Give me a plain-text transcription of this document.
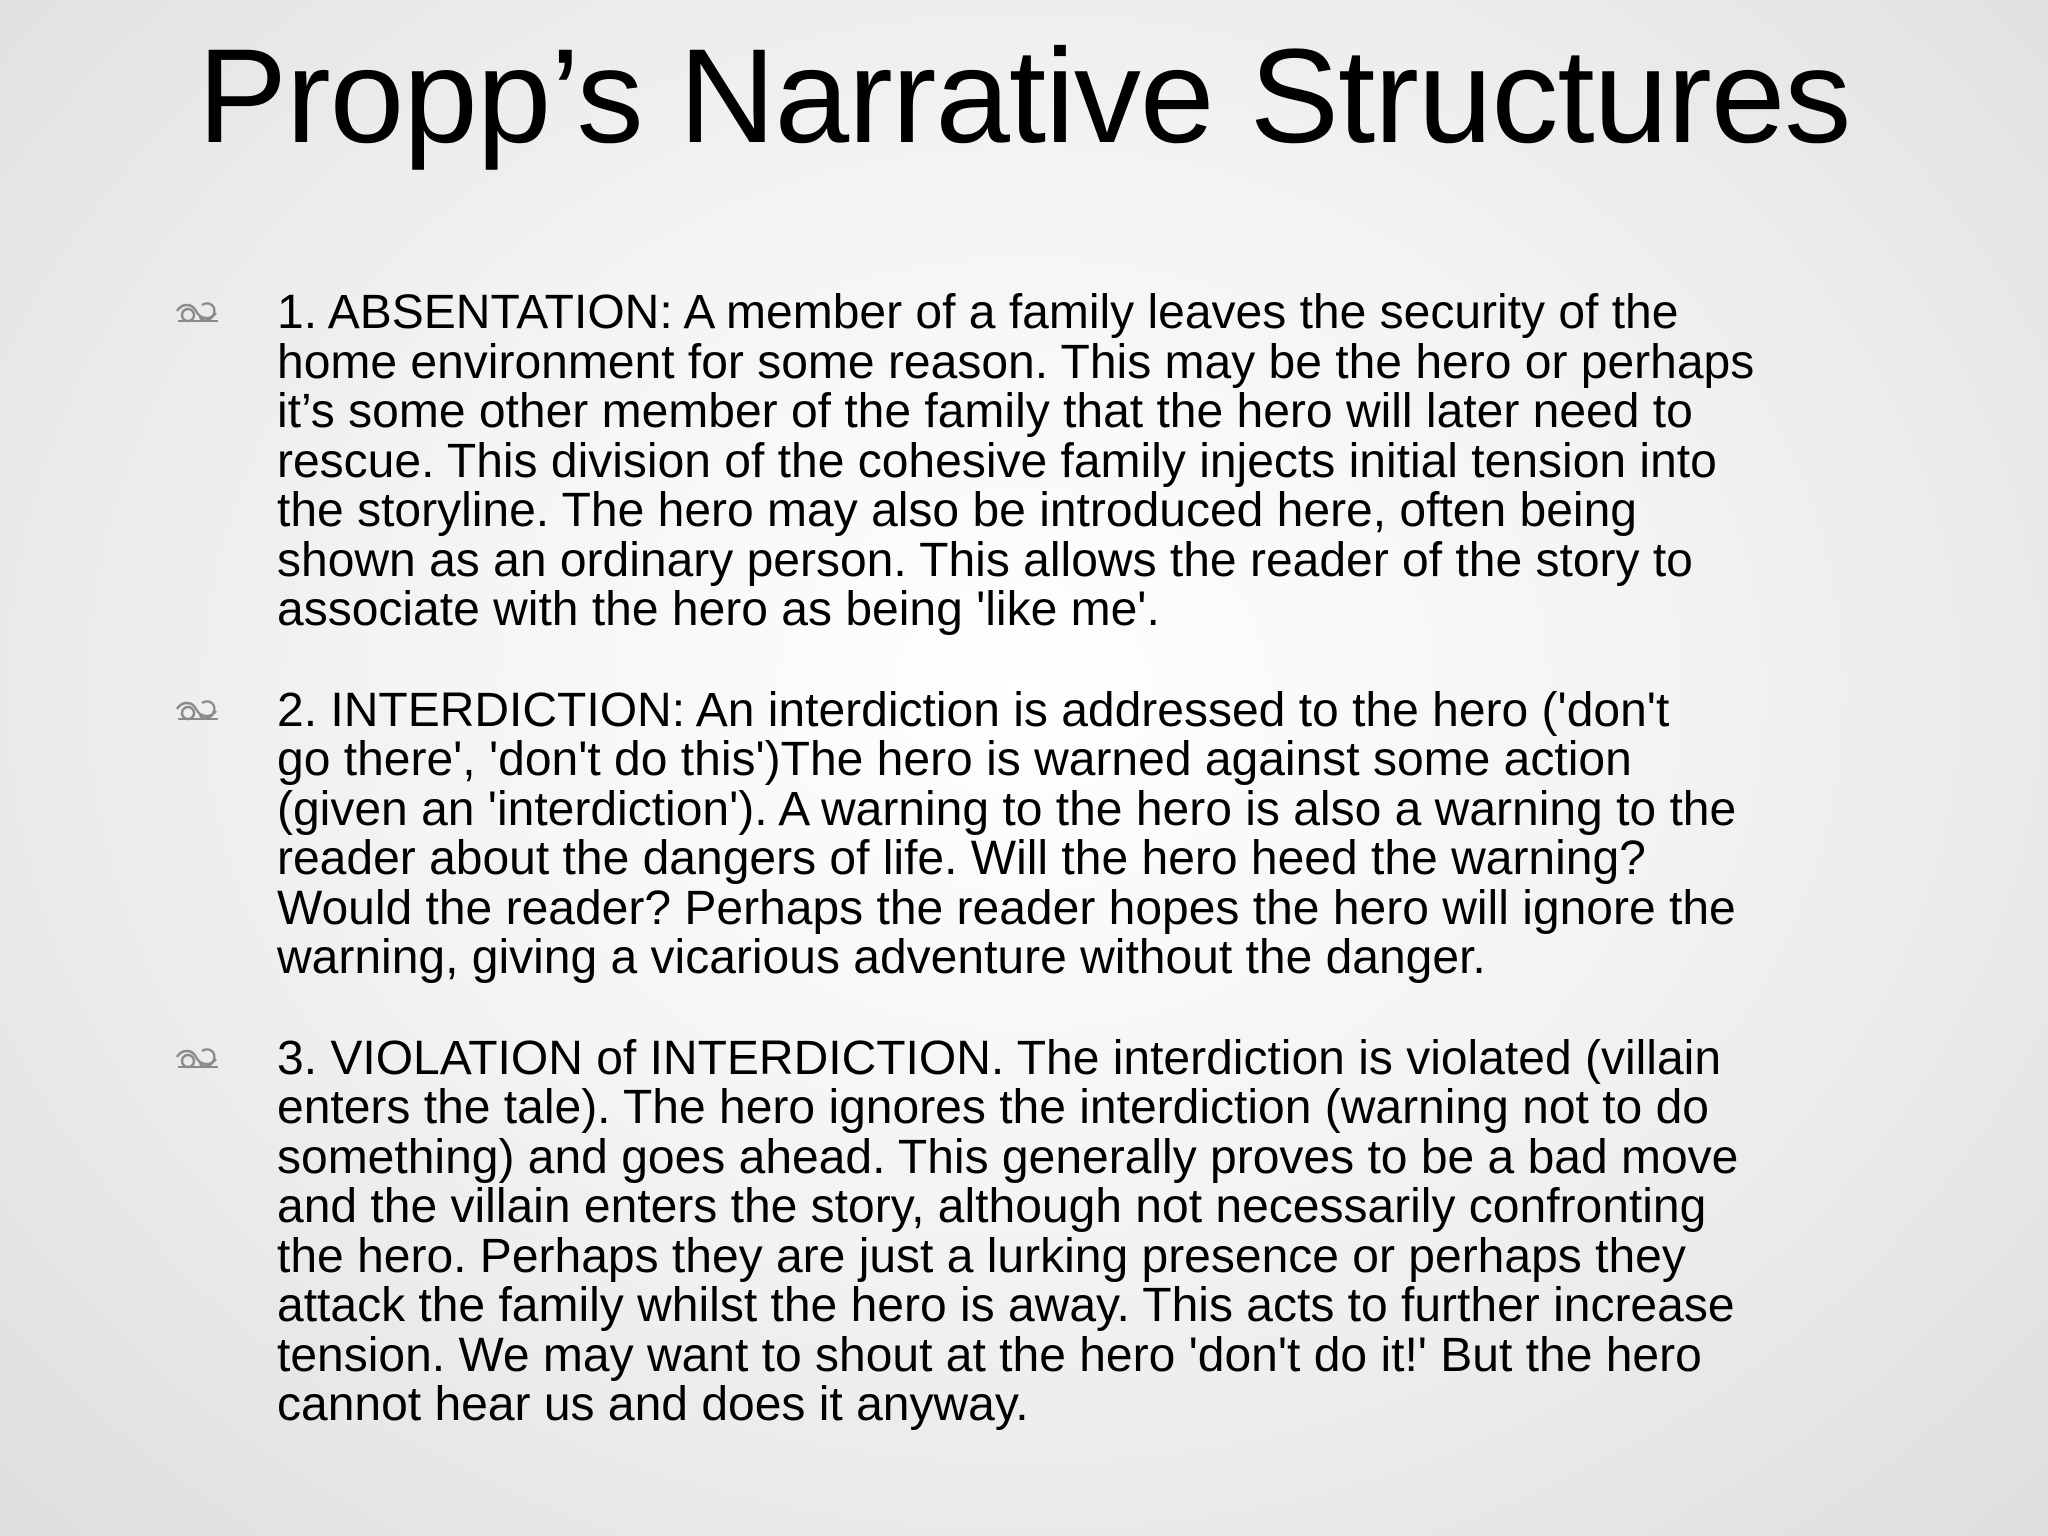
Propp’s Narrative Structures
1. ABSENTATION: A member of a family leaves the security of the
home environment for some reason. This may be the hero or perhaps
it’s some other member of the family that the hero will later need to
rescue. This division of the cohesive family injects initial tension into
the storyline. The hero may also be introduced here, often being
shown as an ordinary person. This allows the reader of the story to
associate with the hero as being 'like me'.
2. INTERDICTION: An interdiction is addressed to the hero ('don't
go there', 'don't do this')The hero is warned against some action
(given an 'interdiction'). A warning to the hero is also a warning to the
reader about the dangers of life. Will the hero heed the warning?
Would the reader? Perhaps the reader hopes the hero will ignore the
warning, giving a vicarious adventure without the danger.
3. VIOLATION of INTERDICTION. The interdiction is violated (villain
enters the tale). The hero ignores the interdiction (warning not to do
something) and goes ahead. This generally proves to be a bad move
and the villain enters the story, although not necessarily confronting
the hero. Perhaps they are just a lurking presence or perhaps they
attack the family whilst the hero is away. This acts to further increase
tension. We may want to shout at the hero 'don't do it!' But the hero
cannot hear us and does it anyway.
